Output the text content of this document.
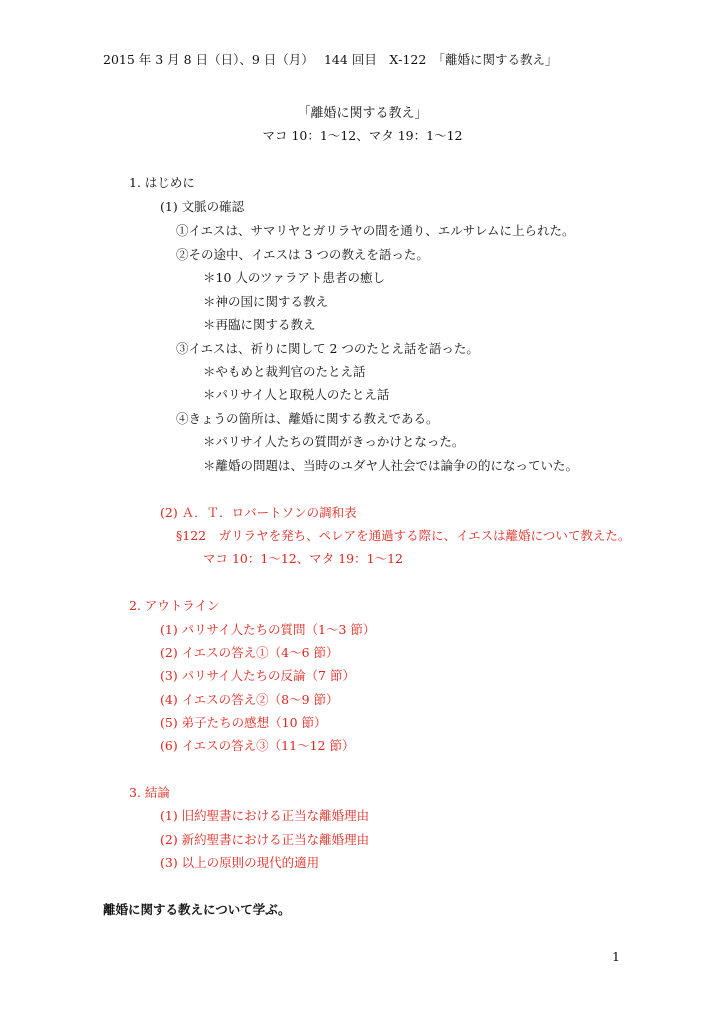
2015 年 3 月 8 日（日）、9 日（月）　 144 回目　X‐122　「離婚に関する教え」
「離婚に関する教え」
マコ 10：1〜12、マタ 19：1〜12
1. はじめに
(1) 文脈の確認
①イエスは、サマリヤとガリラヤの間を通り、エルサレムに上られた。
②その途中、イエスは 3 つの教えを語った。
＊10 人のツァラアト患者の癒し
＊神の国に関する教え
＊再臨に関する教え
③イエスは、祈りに関して 2 つのたとえ話を語った。
＊やもめと裁判官のたとえ話
＊パリサイ人と取税人のたとえ話
④きょうの箇所は、離婚に関する教えである。
＊パリサイ人たちの質問がきっかけとなった。
＊離婚の問題は、当時のユダヤ人社会では論争の的になっていた。
(2) Ａ．Ｔ．ロバートソンの調和表
§122　ガリラヤを発ち、ペレアを通過する際に、イエスは離婚について教えた。
マコ 10：1〜12、マタ 19：1〜12
2. アウトライン
(1) パリサイ人たちの質問（1〜3 節）
(2) イエスの答え①（4〜6 節）
(3) パリサイ人たちの反論（7 節）
(4) イエスの答え②（8〜9 節）
(5) 弟子たちの感想（10 節）
(6) イエスの答え③（11〜12 節）
3. 結論
(1) 旧約聖書における正当な離婚理由
(2) 新約聖書における正当な離婚理由
(3) 以上の原則の現代的適用
離婚に関する教えについて学ぶ。
1
